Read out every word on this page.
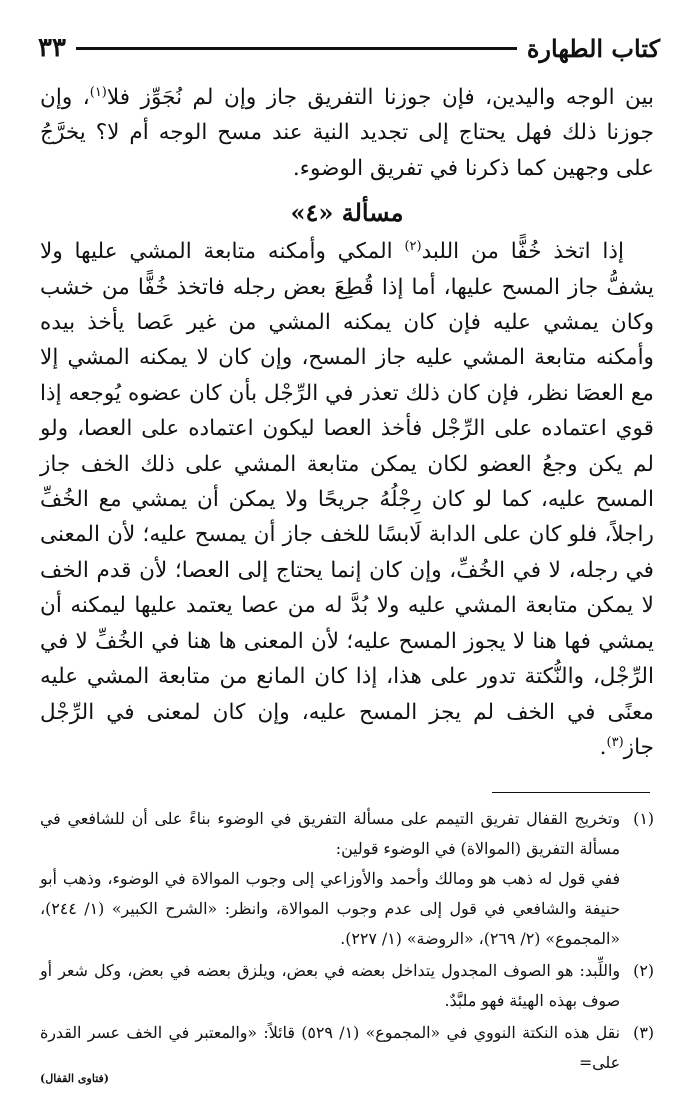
كتاب الطهارة
٣٣

بين الوجه واليدين، فإن جوزنا التفريق جاز وإن لم نُجَوِّز فلا$^{(١)}$، وإن جوزنا ذلك فهل يحتاج إلى تجديد النية عند مسح الوجه أم لا؟ يخرَّجُ على وجهين كما ذكرنا في تفريق الوضوء.

مسألة «٤»

إذا اتخذ خُفًّا من اللبد$^{(٢)}$ المكي وأمكنه متابعة المشي عليها ولا يشفُّ جاز المسح عليها، أما إذا قُطِعَ بعض رجله فاتخذ خُفًّا من خشب وكان يمشي عليه فإن كان يمكنه المشي من غير عَصا يأخذ بيده وأمكنه متابعة المشي عليه جاز المسح، وإن كان لا يمكنه المشي إلا مع العصَا نظر، فإن كان ذلك تعذر في الرِّجْل بأن كان عضوه يُوجعه إذا قوي اعتماده على الرِّجْل فأخذ العصا ليكون اعتماده على العصا، ولو لم يكن وجعُ العضو لكان يمكن متابعة المشي على ذلك الخف جاز المسح عليه، كما لو كان رِجْلُهُ جريحًا ولا يمكن أن يمشي مع الخُفِّ راجلاً، فلو كان على الدابة لَابسًا للخف جاز أن يمسح عليه؛ لأن المعنى في رجله، لا في الخُفِّ، وإن كان إنما يحتاج إلى العصا؛ لأن قدم الخف لا يمكن متابعة المشي عليه ولا بُدَّ له من عصا يعتمد عليها ليمكنه أن يمشي فها هنا لا يجوز المسح عليه؛ لأن المعنى ها هنا في الخُفِّ لا في الرِّجْل، والنُّكتة تدور على هذا، إذا كان المانع من متابعة المشي عليه معنًى في الخف لم يجز المسح عليه، وإن كان لمعنى في الرِّجْل جاز$^{(٣)}$.

(١)

وتخريج القفال تفريق التيمم على مسألة التفريق في الوضوء بناءً على أن للشافعي في مسألة التفريق (الموالاة) في الوضوء قولين:

ففي قول له ذهب هو ومالك وأحمد والأوزاعي إلى وجوب الموالاة في الوضوء، وذهب أبو حنيفة والشافعي في قول إلى عدم وجوب الموالاة، وانظر: «الشرح الكبير» (١/ ٢٤٤)، «المجموع» (٢/ ٢٦٩)، «الروضة» (١/ ٢٢٧).

(٢)

واللِّبد: هو الصوف المجدول يتداخل بعضه في بعض، ويلزق بعضه في بعض، وكل شعر أو صوف بهذه الهيئة فهو ملبَّدٌ.

(٣)

نقل هذه النكتة النووي في «المجموع» (١/ ٥٢٩) قائلاً: «والمعتبر في الخف عسر القدرة على=

(فتاوى القفال)
